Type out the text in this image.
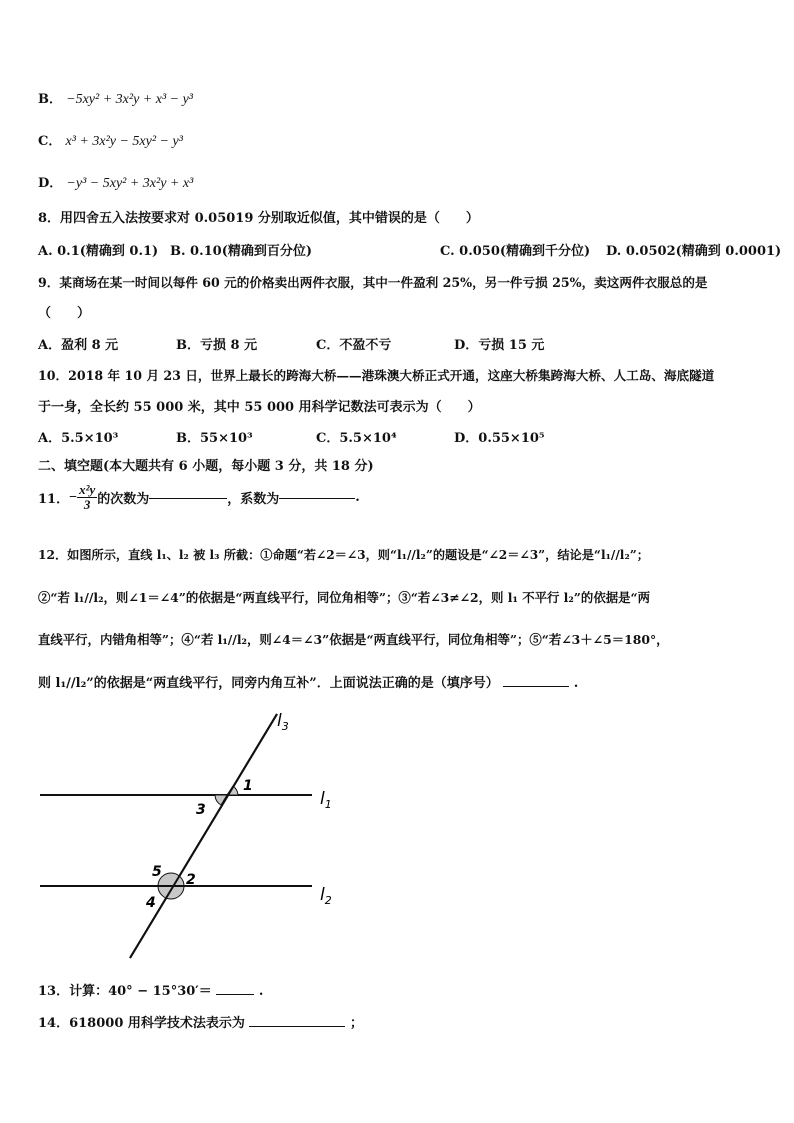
B． −5xy² + 3x²y + x³ − y³
C． x³ + 3x²y − 5xy² − y³
D． −y³ − 5xy² + 3x²y + x³
8．用四舍五入法按要求对 0.05019 分别取近似值，其中错误的是（　　）
A. 0.1(精确到 0.1) B. 0.10(精确到百分位)	C. 0.050(精确到千分位) D. 0.0502(精确到 0.0001)
9．某商场在某一时间以每件 60 元的价格卖出两件衣服，其中一件盈利 25%，另一件亏损 25%，卖这两件衣服总的是
（　　）
A．盈利 8 元	B．亏损 8 元	C．不盈不亏	D．亏损 15 元
10．2018 年 10 月 23 日，世界上最长的跨海大桥——港珠澳大桥正式开通，这座大桥集跨海大桥、人工岛、海底隧道
于一身，全长约 55 000 米，其中 55 000 用科学记数法可表示为（　　）
A．5.5×10³	B．55×10³	C．5.5×10⁴	D．0.55×10⁵
二、填空题(本大题共有 6 小题，每小题 3 分，共 18 分)
11． − $\frac{\text{x²y}}{3}$ 的次数为	，系数为	.
12．如图所示，直线 l₁、l₂ 被 l₃ 所截：①命题“若∠2＝∠3，则“l₁//l₂”的题设是“∠2＝∠3”，结论是“l₁//l₂”；
②“若 l₁//l₂，则∠1＝∠4”的依据是“两直线平行，同位角相等”；③“若∠3≠∠2，则 l₁ 不平行 l₂”的依据是“两
直线平行，内错角相等”；④“若 l₁//l₂，则∠4＝∠3”依据是“两直线平行，同位角相等”；⑤“若∠3＋∠5＝180°，
则 l₁//l₂”的依据是“两直线平行，同旁内角互补”．上面说法正确的是（填序号）	.
$l_3$
$l_1$
$l_2$
1
3
5 2
4
13．计算：40° − 15°30′＝	.
14．618000 用科学技术法表示为	；
